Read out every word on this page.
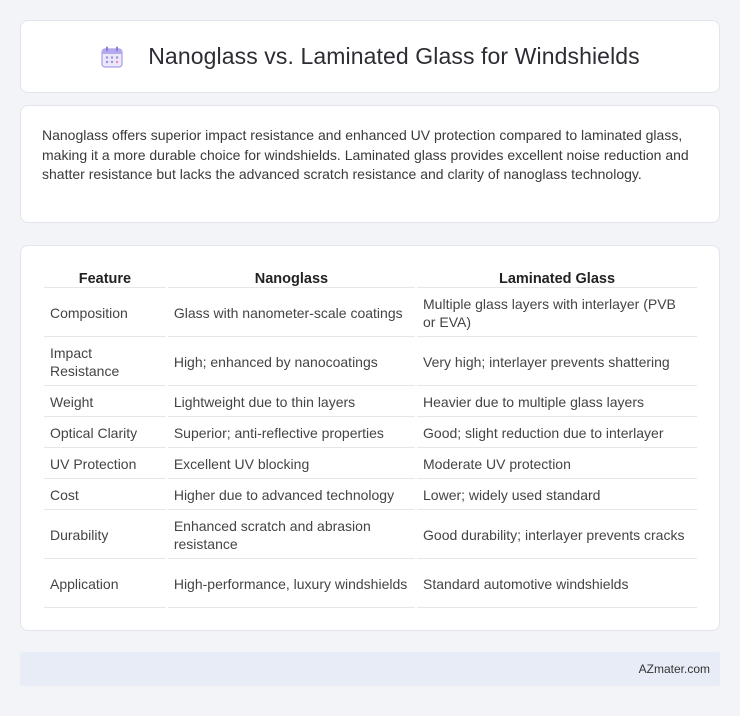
Nanoglass vs. Laminated Glass for Windshields

Nanoglass offers superior impact resistance and enhanced UV protection compared to laminated glass, making it a more durable choice for windshields. Laminated glass provides excellent noise reduction and shatter resistance but lacks the advanced scratch resistance and clarity of nanoglass technology.

Feature	Nanoglass	Laminated Glass
Composition	Glass with nanometer-scale coatings	Multiple glass layers with interlayer (PVB or EVA)
Impact Resistance	High; enhanced by nanocoatings	Very high; interlayer prevents shattering
Weight	Lightweight due to thin layers	Heavier due to multiple glass layers
Optical Clarity	Superior; anti-reflective properties	Good; slight reduction due to interlayer
UV Protection	Excellent UV blocking	Moderate UV protection
Cost	Higher due to advanced technology	Lower; widely used standard
Durability	Enhanced scratch and abrasion resistance	Good durability; interlayer prevents cracks
Application	High-performance, luxury windshields	Standard automotive windshields
AZmater.com
